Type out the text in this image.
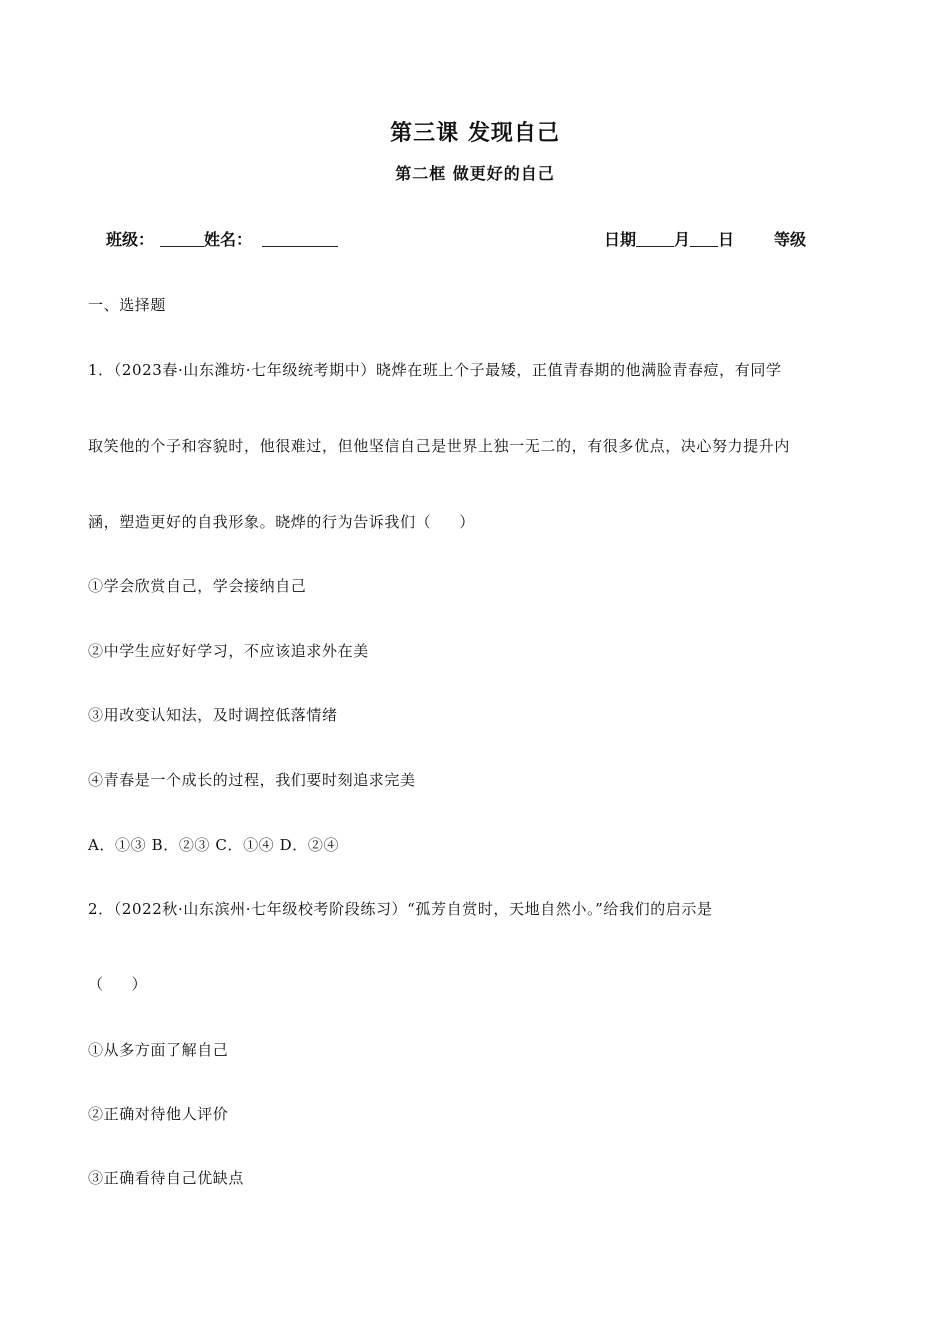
第三课 发现自己
第二框 做更好的自己
班级：	姓名：	日期 月 日	等级
一、选择题
1．（2023春·山东潍坊·七年级统考期中）晓烨在班上个子最矮，正值青春期的他满脸青春痘，有同学
取笑他的个子和容貌时，他很难过，但他坚信自己是世界上独一无二的，有很多优点，决心努力提升内
涵，塑造更好的自我形象。晓烨的行为告诉我们（ ）
①学会欣赏自己，学会接纳自己
②中学生应好好学习，不应该追求外在美
③用改变认知法，及时调控低落情绪
④青春是一个成长的过程，我们要时刻追求完美
A．①③ B．②③ C．①④ D．②④
2．（2022秋·山东滨州·七年级校考阶段练习）“孤芳自赏时，天地自然小。”给我们的启示是
（ ）
①从多方面了解自己
②正确对待他人评价
③正确看待自己优缺点
